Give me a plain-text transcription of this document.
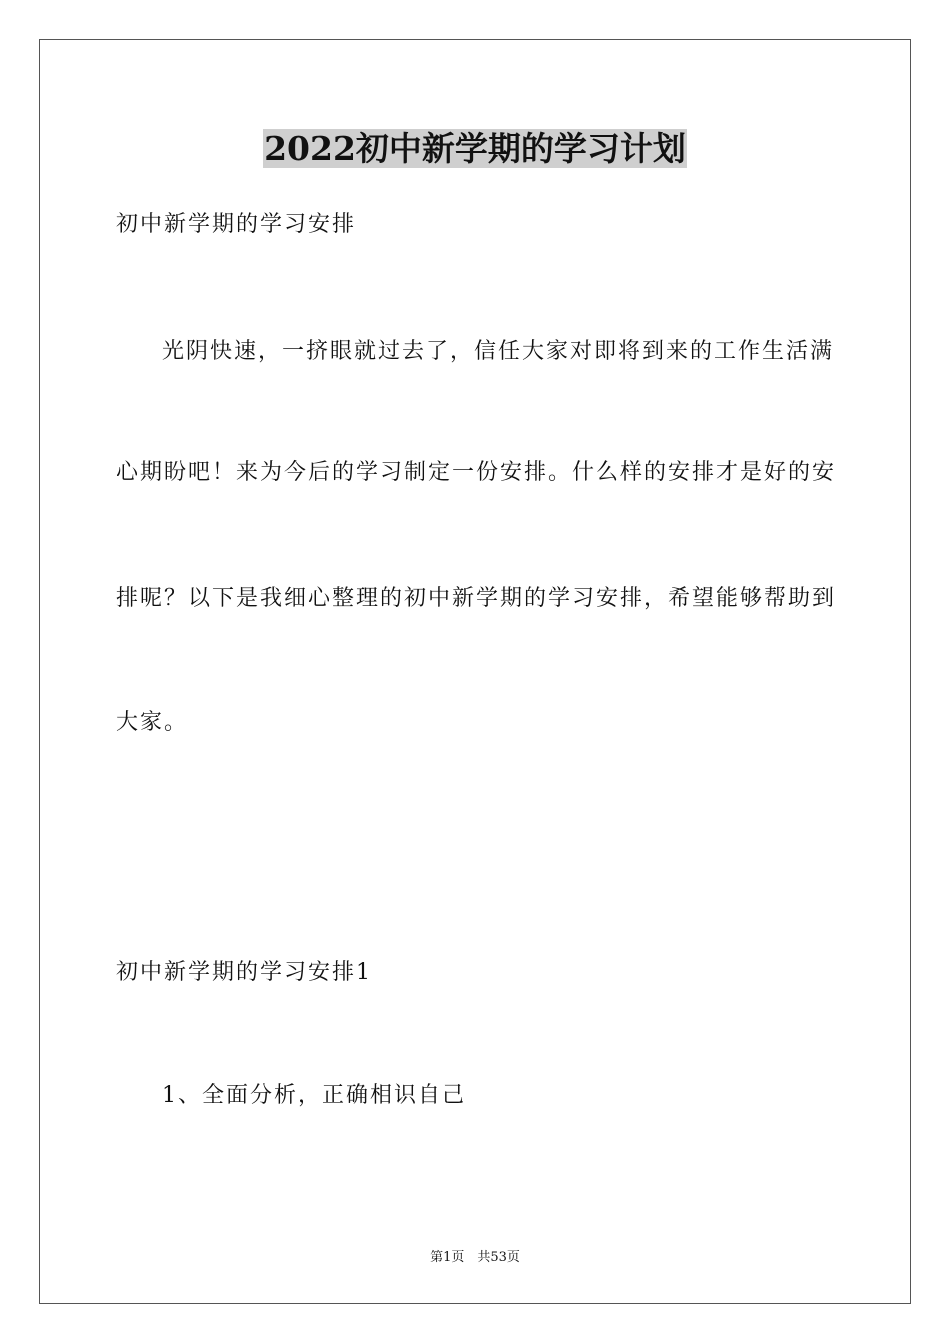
2022初中新学期的学习计划
初中新学期的学习安排
光阴快速，一挤眼就过去了，信任大家对即将到来的工作生活满
心期盼吧！来为今后的学习制定一份安排。什么样的安排才是好的安
排呢？以下是我细心整理的初中新学期的学习安排，希望能够帮助到
大家。
初中新学期的学习安排1
1、全面分析，正确相识自己
第1页　共53页
